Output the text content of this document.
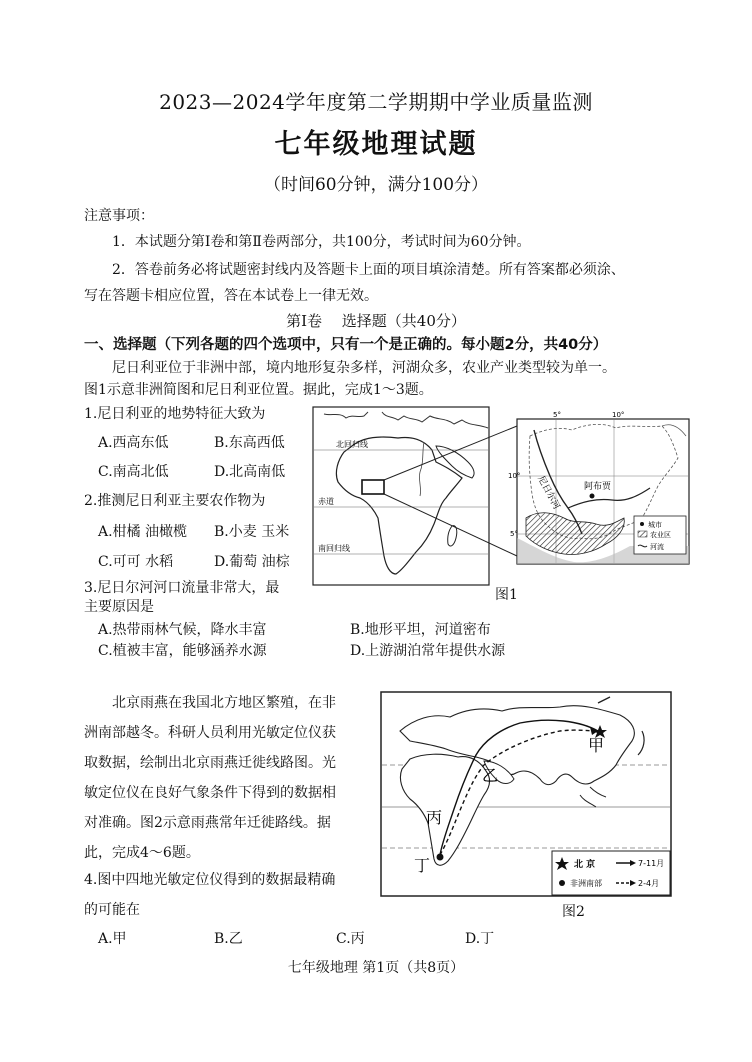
2023—2024学年度第二学期期中学业质量监测
七年级地理试题
（时间60分钟，满分100分）
注意事项：
1．本试题分第Ⅰ卷和第Ⅱ卷两部分，共100分，考试时间为60分钟。
2．答卷前务必将试题密封线内及答题卡上面的项目填涂清楚。所有答案都必须涂、
写在答题卡相应位置，答在本试卷上一律无效。
第Ⅰ卷　 选择题（共40分）
一、选择题（下列各题的四个选项中，只有一个是正确的。每小题2分，共40分）
尼日利亚位于非洲中部，境内地形复杂多样，河湖众多，农业产业类型较为单一。
图1示意非洲简图和尼日利亚位置。据此，完成1～3题。
1.尼日利亚的地势特征大致为
A.西高东低	B.东高西低
C.南高北低	D.北高南低
2.推测尼日利亚主要农作物为
A.柑橘 油橄榄 B.小麦 玉米
C.可可 水稻	D.葡萄 油棕
3.尼日尔河河口流量非常大，最
主要原因是
A.热带雨林气候，降水丰富	B.地形平坦，河道密布
C.植被丰富，能够涵养水源	D.上游湖泊常年提供水源
北回归线
赤道
南回归线
5°	10°
10°
5°
尼日尔河	阿布贾
城市
农业区
河流
图1
北京雨燕在我国北方地区繁殖，在非
洲南部越冬。科研人员利用光敏定位仪获
取数据，绘制出北京雨燕迁徙线路图。光
敏定位仪在良好气象条件下得到的数据相
对准确。图2示意雨燕常年迁徙路线。据
此，完成4～6题。
4.图中四地光敏定位仪得到的数据最精确
的可能在
A.甲	B.乙	C.丙	D.丁
甲
乙
丙
丁	北 京
非洲南部
7-11月
2-4月
图2
七年级地理 第1页（共8页）
